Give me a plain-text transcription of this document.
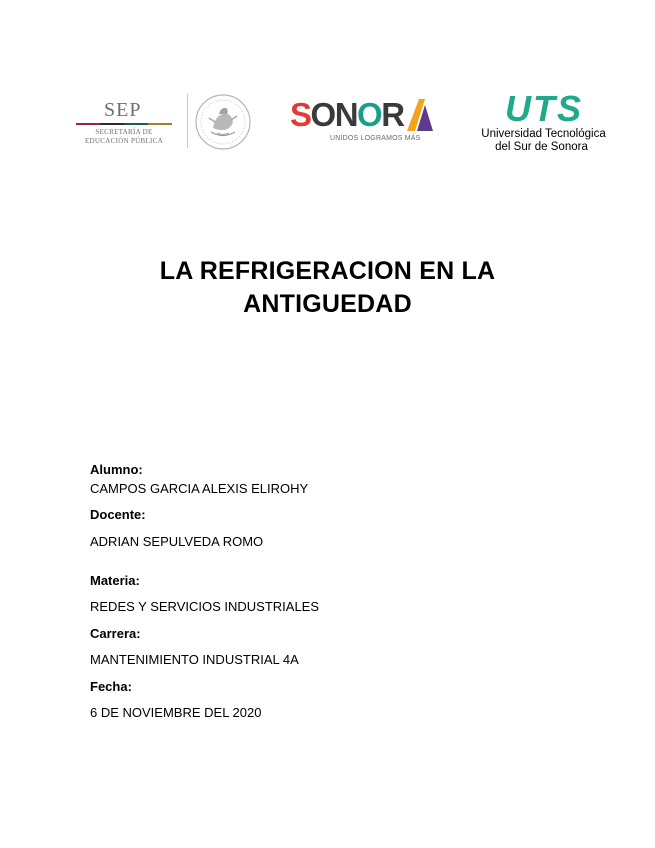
SEP
SECRETARÍA DE
EDUCACIÓN PÚBLICA
S O N O R
UNIDOS LOGRAMOS MÁS
UTS
Universidad Tecnológica
del Sur de Sonora
LA REFRIGERACION EN LA
ANTIGUEDAD
Alumno:
CAMPOS GARCIA ALEXIS ELIROHY
Docente:
ADRIAN SEPULVEDA ROMO
Materia:
REDES Y SERVICIOS INDUSTRIALES
Carrera:
MANTENIMIENTO INDUSTRIAL 4A
Fecha:
6 DE NOVIEMBRE DEL 2020
